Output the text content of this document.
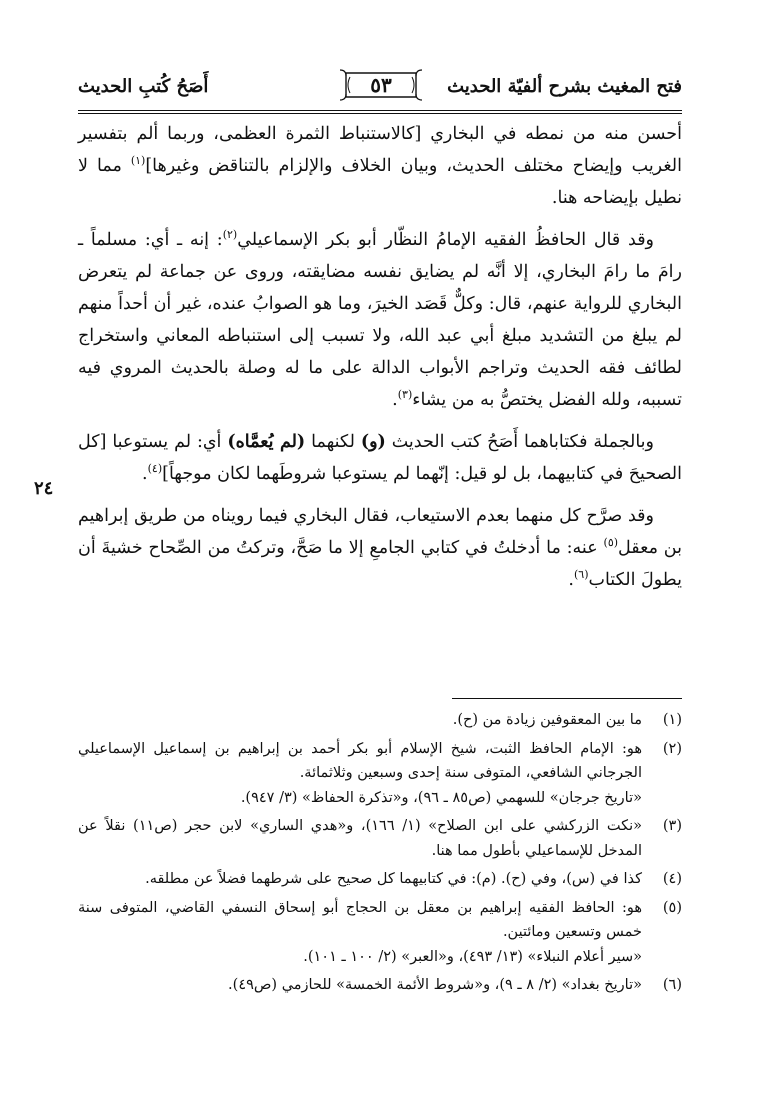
فتح المغيث بشرح ألفيّة الحديث
٥٣
أَصَحُ كُتبِ الحديث
٢٤

أحسن منه من نمطه في البخاري [كالاستنباط الثمرة العظمى، وربما ألم بتفسير الغريب وإيضاح مختلف الحديث، وبيان الخلاف والإلزام بالتناقض وغيرها]$^{(١)}$ مما لا نطيل بإيضاحه هنا.

وقد قال الحافظُ الفقيه الإمامُ النظّار أبو بكر الإسماعيلي$^{(٢)}$: إنه ـ أي: مسلماً ـ رامَ ما رامَ البخاري، إلا أنَّه لم يضايق نفسه مضايقته، وروى عن جماعة لم يتعرض البخاري للرواية عنهم، قال: وكلٌّ قَصَد الخيرَ، وما هو الصوابُ عنده، غير أن أحداً منهم لم يبلغ من التشديد مبلغ أبي عبد الله، ولا تسبب إلى استنباطه المعاني واستخراج لطائف فقه الحديث وتراجم الأبواب الدالة على ما له وصلة بالحديث المروي فيه تسببه، ولله الفضل يختصُّ به من يشاء$^{(٣)}$.

وبالجملة فكتاباهما أَصَحُ كتب الحديث (و) لكنهما (لم يُعمَّاه) أي: لم يستوعبا [كل الصحيحَ في كتابيهما، بل لو قيل: إنّهما لم يستوعبا شروطَهما لكان موجهاً]$^{(٤)}$.

وقد صرَّح كل منهما بعدم الاستيعاب، فقال البخاري فيما رويناه من طريق إبراهيم بن معقل$^{(٥)}$ عنه: ما أدخلتُ في كتابي الجامعِ إلا ما صَحَّ، وتركتُ من الصِّحاح خشيةَ أن يطولَ الكتاب$^{(٦)}$.

(١)
ما بين المعقوفين زيادة من (ح).
(٢)
هو: الإمام الحافظ الثبت، شيخ الإسلام أبو بكر أحمد بن إبراهيم بن إسماعيل الإسماعيلي الجرجاني الشافعي، المتوفى سنة إحدى وسبعين وثلاثمائة.
«تاريخ جرجان» للسهمي (ص٨٥ ـ ٩٦)، و«تذكرة الحفاظ» (٣/ ٩٤٧).
(٣)
«نكت الزركشي على ابن الصلاح» (١/ ١٦٦)، و«هدي الساري» لابن حجر (ص١١) نقلاً عن المدخل للإسماعيلي بأطول مما هنا.
(٤)
كذا في (س)، وفي (ح). (م): في كتابيهما كل صحيح على شرطهما فضلاً عن مطلقه.
(٥)
هو: الحافظ الفقيه إبراهيم بن معقل بن الحجاج أبو إسحاق النسفي القاضي، المتوفى سنة خمس وتسعين ومائتين.
«سير أعلام النبلاء» (١٣/ ٤٩٣)، و«العبر» (٢/ ١٠٠ ـ ١٠١).
(٦)
«تاريخ بغداد» (٢/ ٨ ـ ٩)، و«شروط الأئمة الخمسة» للحازمي (ص٤٩).
